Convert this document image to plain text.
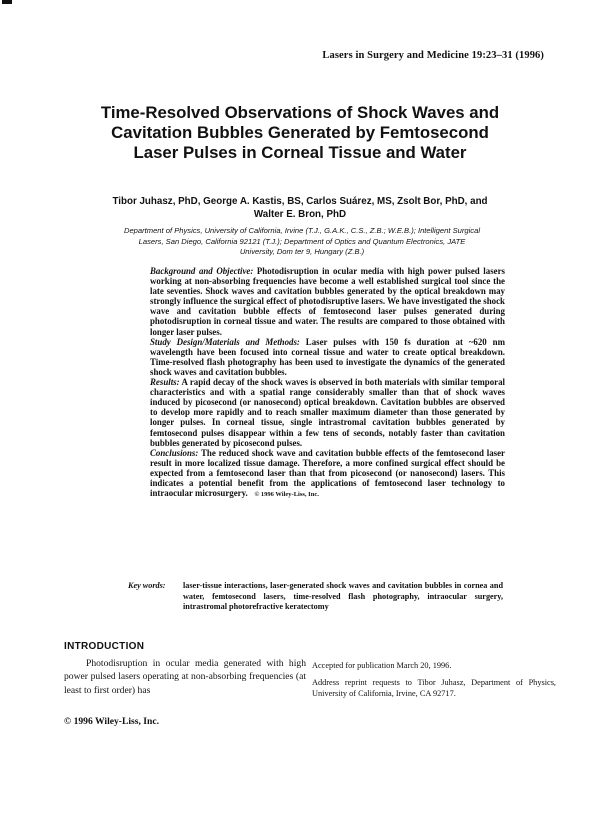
Lasers in Surgery and Medicine 19:23–31 (1996)
Time-Resolved Observations of Shock Waves and Cavitation Bubbles Generated by Femtosecond Laser Pulses in Corneal Tissue and Water
Tibor Juhasz, PhD, George A. Kastis, BS, Carlos Suárez, MS, Zsolt Bor, PhD, and Walter E. Bron, PhD
Department of Physics, University of California, Irvine (T.J., G.A.K., C.S., Z.B.; W.E.B.); Intelligent Surgical Lasers, San Diego, California 92121 (T.J.); Department of Optics and Quantum Electronics, JATE University, Dom ter 9, Hungary (Z.B.)

Background and Objective: Photodisruption in ocular media with high power pulsed lasers working at non-absorbing frequencies have become a well established surgical tool since the late seventies. Shock waves and cavitation bubbles generated by the optical breakdown may strongly influence the surgical effect of photodisruptive lasers. We have investigated the shock wave and cavitation bubble effects of femtosecond laser pulses generated during photodisruption in corneal tissue and water. The results are compared to those obtained with longer laser pulses.

Study Design/Materials and Methods: Laser pulses with 150 fs duration at ~620 nm wavelength have been focused into corneal tissue and water to create optical breakdown. Time-resolved flash photography has been used to investigate the dynamics of the generated shock waves and cavitation bubbles.

Results: A rapid decay of the shock waves is observed in both materials with similar temporal characteristics and with a spatial range considerably smaller than that of shock waves induced by picosecond (or nanosecond) optical breakdown. Cavitation bubbles are observed to develop more rapidly and to reach smaller maximum diameter than those generated by longer pulses. In corneal tissue, single intrastromal cavitation bubbles generated by femtosecond pulses disappear within a few tens of seconds, notably faster than cavitation bubbles generated by picosecond pulses.

Conclusions: The reduced shock wave and cavitation bubble effects of the femtosecond laser result in more localized tissue damage. Therefore, a more confined surgical effect should be expected from a femtosecond laser than that from picosecond (or nanosecond) lasers. This indicates a potential benefit from the applications of femtosecond laser technology to intraocular microsurgery. © 1996 Wiley-Liss, Inc.

Key words:	laser-tissue interactions, laser-generated shock waves and cavitation bubbles in cornea and water, femtosecond lasers, time-resolved flash photography, intraocular surgery, intrastromal photorefractive keratectomy
INTRODUCTION
Photodisruption in ocular media generated with high power pulsed lasers operating at non-absorbing frequencies (at least to first order) has
Accepted for publication March 20, 1996.
Address reprint requests to Tibor Juhasz, Department of Physics, University of California, Irvine, CA 92717.
© 1996 Wiley-Liss, Inc.
